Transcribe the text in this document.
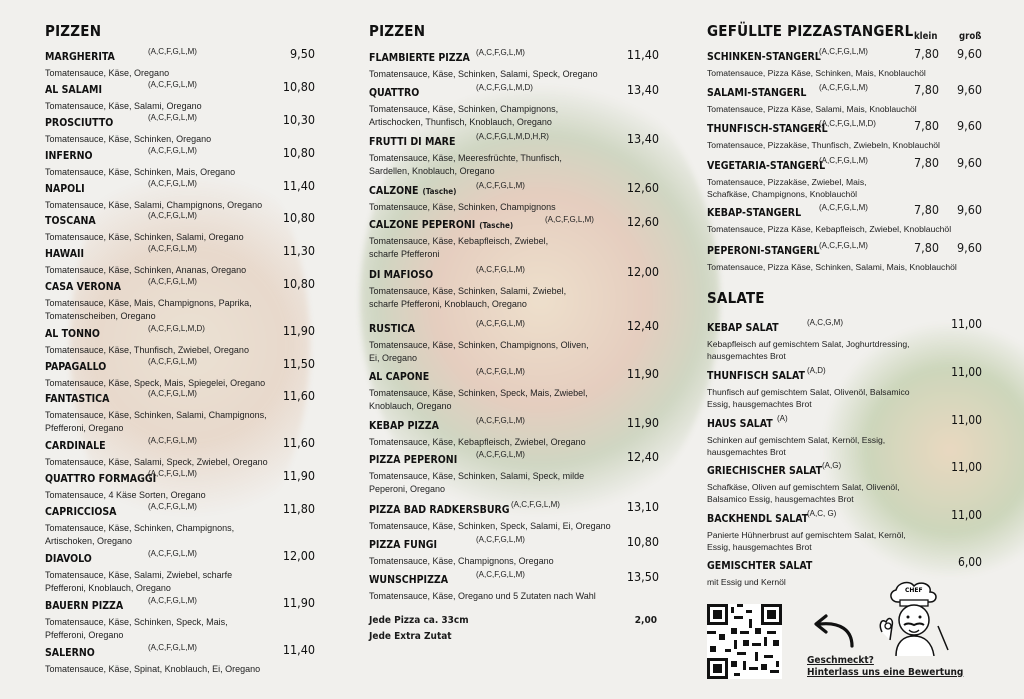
PIZZEN
MARGHERITA	(A,C,F,G,L,M)	9,50
Tomatensauce, Käse, Oregano
AL SALAMI	(A,C,F,G,L,M)	10,80
Tomatensauce, Käse, Salami, Oregano
PROSCIUTTO	(A,C,F,G,L,M)	10,30
Tomatensauce, Käse, Schinken, Oregano
INFERNO	(A,C,F,G,L,M)	10,80
Tomatensauce, Käse, Schinken, Mais, Oregano
NAPOLI	(A,C,F,G,L,M)	11,40
Tomatensauce, Käse, Salami, Champignons, Oregano
TOSCANA	(A,C,F,G,L,M)	10,80
Tomatensauce, Käse, Schinken, Salami, Oregano
HAWAII	(A,C,F,G,L,M)	11,30
Tomatensauce, Käse, Schinken, Ananas, Oregano
CASA VERONA	(A,C,F,G,L,M)	10,80
Tomatensauce, Käse, Mais, Champignons, Paprika,
Tomatenscheiben, Oregano
AL TONNO	(A,C,F,G,L,M,D)	11,90
Tomatensauce, Käse, Thunfisch, Zwiebel, Oregano
PAPAGALLO	(A,C,F,G,L,M)	11,50
Tomatensauce, Käse, Speck, Mais, Spiegelei, Oregano
FANTASTICA	(A,C,F,G,L,M)	11,60
Tomatensauce, Käse, Schinken, Salami, Champignons,
Pfefferoni, Oregano
CARDINALE	(A,C,F,G,L,M)	11,60
Tomatensauce, Käse, Salami, Speck, Zwiebel, Oregano
QUATTRO FORMAGGI
(A,C,F,G,L,M)	11,90
Tomatensauce, 4 Käse Sorten, Oregano
CAPRICCIOSA	(A,C,F,G,L,M)	11,80
Tomatensauce, Käse, Schinken, Champignons,
Artischoken, Oregano
DIAVOLO	(A,C,F,G,L,M)	12,00
Tomatensauce, Käse, Salami, Zwiebel, scharfe
Pfefferoni, Knoblauch, Oregano
BAUERN PIZZA	(A,C,F,G,L,M)	11,90
Tomatensauce, Käse, Schinken, Speck, Mais,
Pfefferoni, Oregano
SALERNO	(A,C,F,G,L,M)	11,40
Tomatensauce, Käse, Spinat, Knoblauch, Ei, Oregano
PIZZEN
FLAMBIERTE PIZZA (A,C,F,G,L,M)	11,40
Tomatensauce, Käse, Schinken, Salami, Speck, Oregano
QUATTRO	(A,C,F,G,L,M,D)	13,40
Tomatensauce, Käse, Schinken, Champignons,
Artischocken, Thunfisch, Knoblauch, Oregano
FRUTTI DI MARE	(A,C,F,G,L,M,D,H,R)	13,40
Tomatensauce, Käse, Meeresfrüchte, Thunfisch,
Sardellen, Knoblauch, Oregano
CALZONE (Tasche)
(A,C,F,G,L,M)	12,60
Tomatensauce, Käse, Schinken, Champignons
CALZONE PEPERONI (Tasche)
(A,C,F,G,L,M)	12,60
Tomatensauce, Käse, Kebapfleisch, Zwiebel,
scharfe Pfefferoni
DI MAFIOSO	(A,C,F,G,L,M)	12,00
Tomatensauce, Käse, Schinken, Salami, Zwiebel,
scharfe Pfefferoni, Knoblauch, Oregano
RUSTICA	(A,C,F,G,L,M)	12,40
Tomatensauce, Käse, Schinken, Champignons, Oliven,
Ei, Oregano
AL CAPONE	(A,C,F,G,L,M)	11,90
Tomatensauce, Käse, Schinken, Speck, Mais, Zwiebel,
Knoblauch, Oregano
KEBAP PIZZA	(A,C,F,G,L,M)	11,90
Tomatensauce, Käse, Kebapfleisch, Zwiebel, Oregano
PIZZA PEPERONI (A,C,F,G,L,M)	12,40
Tomatensauce, Käse, Schinken, Salami, Speck, milde
Peperoni, Oregano
PIZZA BAD RADKERSBURG (A,C,F,G,L,M)	13,10
Tomatensauce, Käse, Schinken, Speck, Salami, Ei, Oregano
PIZZA FUNGI	(A,C,F,G,L,M)	10,80
Tomatensauce, Käse, Champignons, Oregano
WUNSCHPIZZA	(A,C,F,G,L,M)	13,50
Tomatensauce, Käse, Oregano und 5 Zutaten nach Wahl
Jede Pizza ca. 33cm
Jede Extra Zutat
2,00
GEFÜLLTE PIZZASTANGERL klein groß
SCHINKEN-STANGERL
(A,C,F,G,L,M)	7,80 9,60
Tomatensauce, Pizza Käse, Schinken, Mais, Knoblauchöl
SALAMI-STANGERL (A,C,F,G,L,M)	7,80 9,60
Tomatensauce, Pizza Käse, Salami, Mais, Knoblauchöl
THUNFISCH-STANGERL
(A,C,F,G,L,M,D)	7,80 9,60
Tomatensauce, Pizzakäse, Thunfisch, Zwiebeln, Knoblauchöl
VEGETARIA-STANGERL
(A,C,F,G,L,M)	7,80 9,60
Tomatensauce, Pizzakäse, Zwiebel, Mais,
Schafkäse, Champignons, Knoblauchöl
KEBAP-STANGERL (A,C,F,G,L,M)	7,80 9,60
Tomatensauce, Pizza Käse, Kebapfleisch, Zwiebel, Knoblauchöl
PEPERONI-STANGERL (A,C,F,G,L,M)	7,80 9,60
Tomatensauce, Pizza Käse, Schinken, Salami, Mais, Knoblauchöl
SALATE
KEBAP SALAT	(A,C,G,M)	11,00
Kebapfleisch auf gemischtem Salat, Joghurtdressing,
hausgemachtes Brot
THUNFISCH SALAT (A,D)	11,00
Thunfisch auf gemischtem Salat, Olivenöl, Balsamico
Essig, hausgemachtes Brot
HAUS SALAT (A)	11,00
Schinken auf gemischtem Salat, Kernöl, Essig,
hausgemachtes Brot
GRIECHISCHER SALAT (A,G)	11,00
Schafkäse, Oliven auf gemischtem Salat, Olivenöl,
Balsamico Essig, hausgemachtes Brot
BACKHENDL SALAT
(A,C, G)	11,00
Panierte Hühnerbrust auf gemischtem Salat, Kernöl,
Essig, hausgemachtes Brot
GEMISCHTER SALAT	6,00
mit Essig und Kernöl
CHEF
Geschmeckt?
Hinterlass uns eine Bewertung
